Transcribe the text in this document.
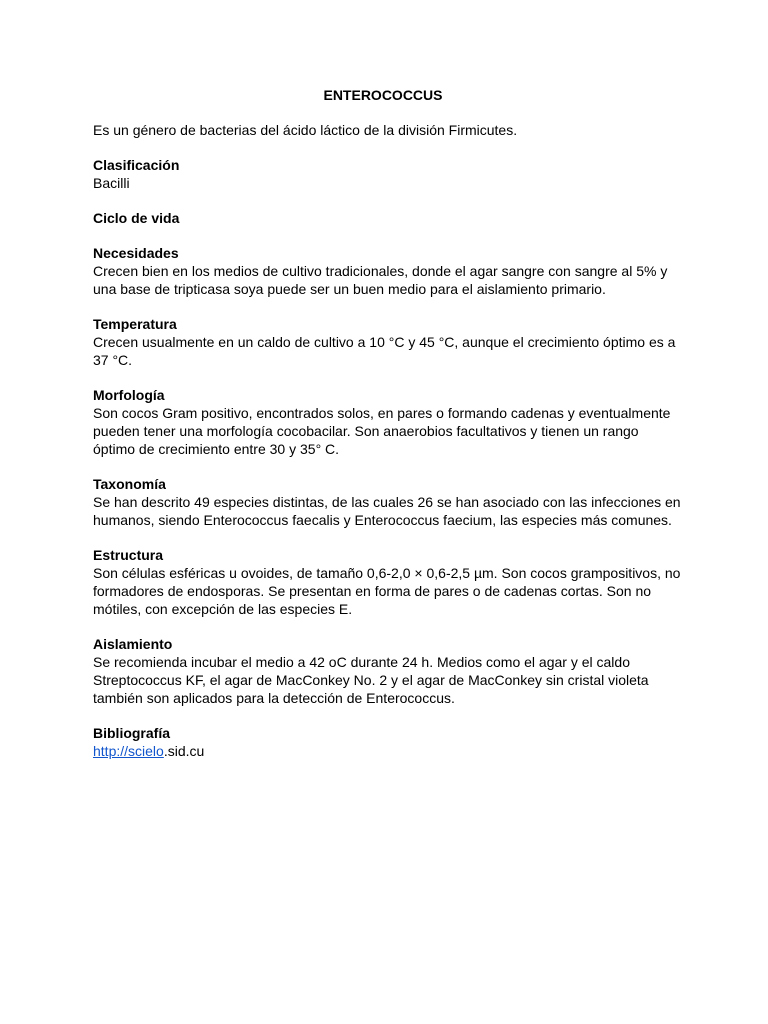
ENTEROCOCCUS
Es un género de bacterias del ácido láctico de la división Firmicutes.
Clasificación
Bacilli
Ciclo de vida
Necesidades
Crecen bien en los medios de cultivo tradicionales, donde el agar sangre con sangre al 5% y una base de tripticasa soya puede ser un buen medio para el aislamiento primario.
Temperatura
Crecen usualmente en un caldo de cultivo a 10 °C y 45 °C, aunque el crecimiento óptimo es a 37 °C.
Morfología
Son cocos Gram positivo, encontrados solos, en pares o formando cadenas y eventualmente pueden tener una morfología cocobacilar. Son anaerobios facultativos y tienen un rango óptimo de crecimiento entre 30 y 35° C.
Taxonomía
Se han descrito 49 especies distintas, de las cuales 26 se han asociado con las infecciones en humanos, siendo Enterococcus faecalis y Enterococcus faecium, las especies más comunes.
Estructura
Son células esféricas u ovoides, de tamaño 0,6-2,0 × 0,6-2,5 µm. Son cocos grampositivos, no formadores de endosporas. Se presentan en forma de pares o de cadenas cortas. Son no mótiles, con excepción de las especies E.
Aislamiento
Se recomienda incubar el medio a 42 oC durante 24 h. Medios como el agar y el caldo Streptococcus KF, el agar de MacConkey No. 2 y el agar de MacConkey sin cristal violeta también son aplicados para la detección de Enterococcus.
Bibliografía
http://scielo.sid.cu
